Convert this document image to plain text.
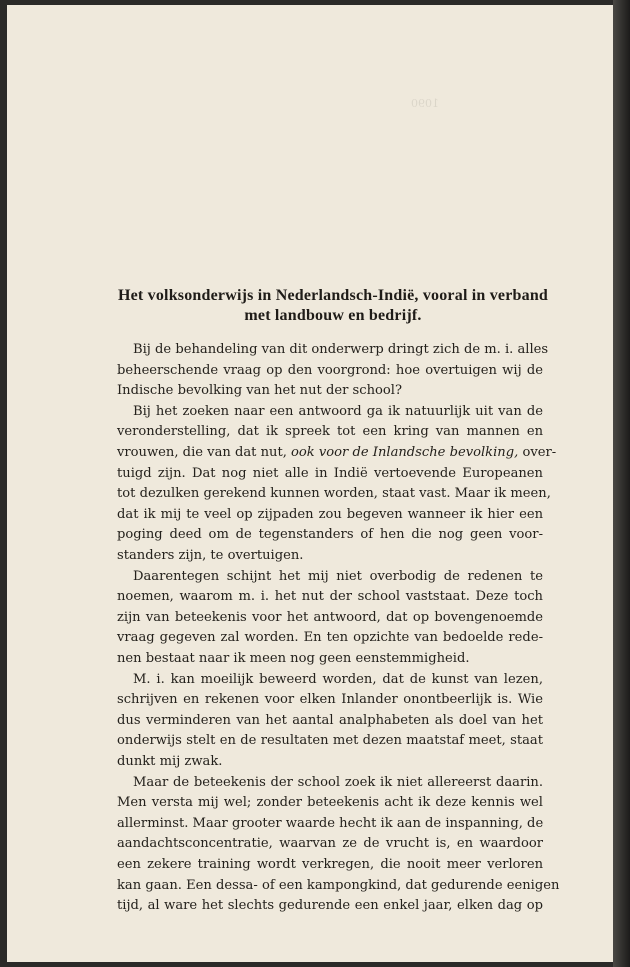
1090
Het volksonderwijs in Nederlandsch-Indië, vooral in verband
met landbouw en bedrijf.
Bij de behandeling van dit onderwerp dringt zich de m. i. alles
beheerschende vraag op den voorgrond: hoe overtuigen wij de
Indische bevolking van het nut der school?
Bij het zoeken naar een antwoord ga ik natuurlijk uit van de
veronderstelling, dat ik spreek tot een kring van mannen en
vrouwen, die van dat nut, ook voor de Inlandsche bevolking, over-
tuigd zijn. Dat nog niet alle in Indië vertoevende Europeanen
tot dezulken gerekend kunnen worden, staat vast. Maar ik meen,
dat ik mij te veel op zijpaden zou begeven wanneer ik hier een
poging deed om de tegenstanders of hen die nog geen voor-
standers zijn, te overtuigen.
Daarentegen schijnt het mij niet overbodig de redenen te
noemen, waarom m. i. het nut der school vaststaat. Deze toch
zijn van beteekenis voor het antwoord, dat op bovengenoemde
vraag gegeven zal worden. En ten opzichte van bedoelde rede-
nen bestaat naar ik meen nog geen eenstemmigheid.
M. i. kan moeilijk beweerd worden, dat de kunst van lezen,
schrijven en rekenen voor elken Inlander onontbeerlijk is. Wie
dus verminderen van het aantal analphabeten als doel van het
onderwijs stelt en de resultaten met dezen maatstaf meet, staat
dunkt mij zwak.
Maar de beteekenis der school zoek ik niet allereerst daarin.
Men versta mij wel; zonder beteekenis acht ik deze kennis wel
allerminst. Maar grooter waarde hecht ik aan de inspanning, de
aandachtsconcentratie, waarvan ze de vrucht is, en waardoor
een zekere training wordt verkregen, die nooit meer verloren
kan gaan. Een dessa- of een kampongkind, dat gedurende eenigen
tijd, al ware het slechts gedurende een enkel jaar, elken dag op
